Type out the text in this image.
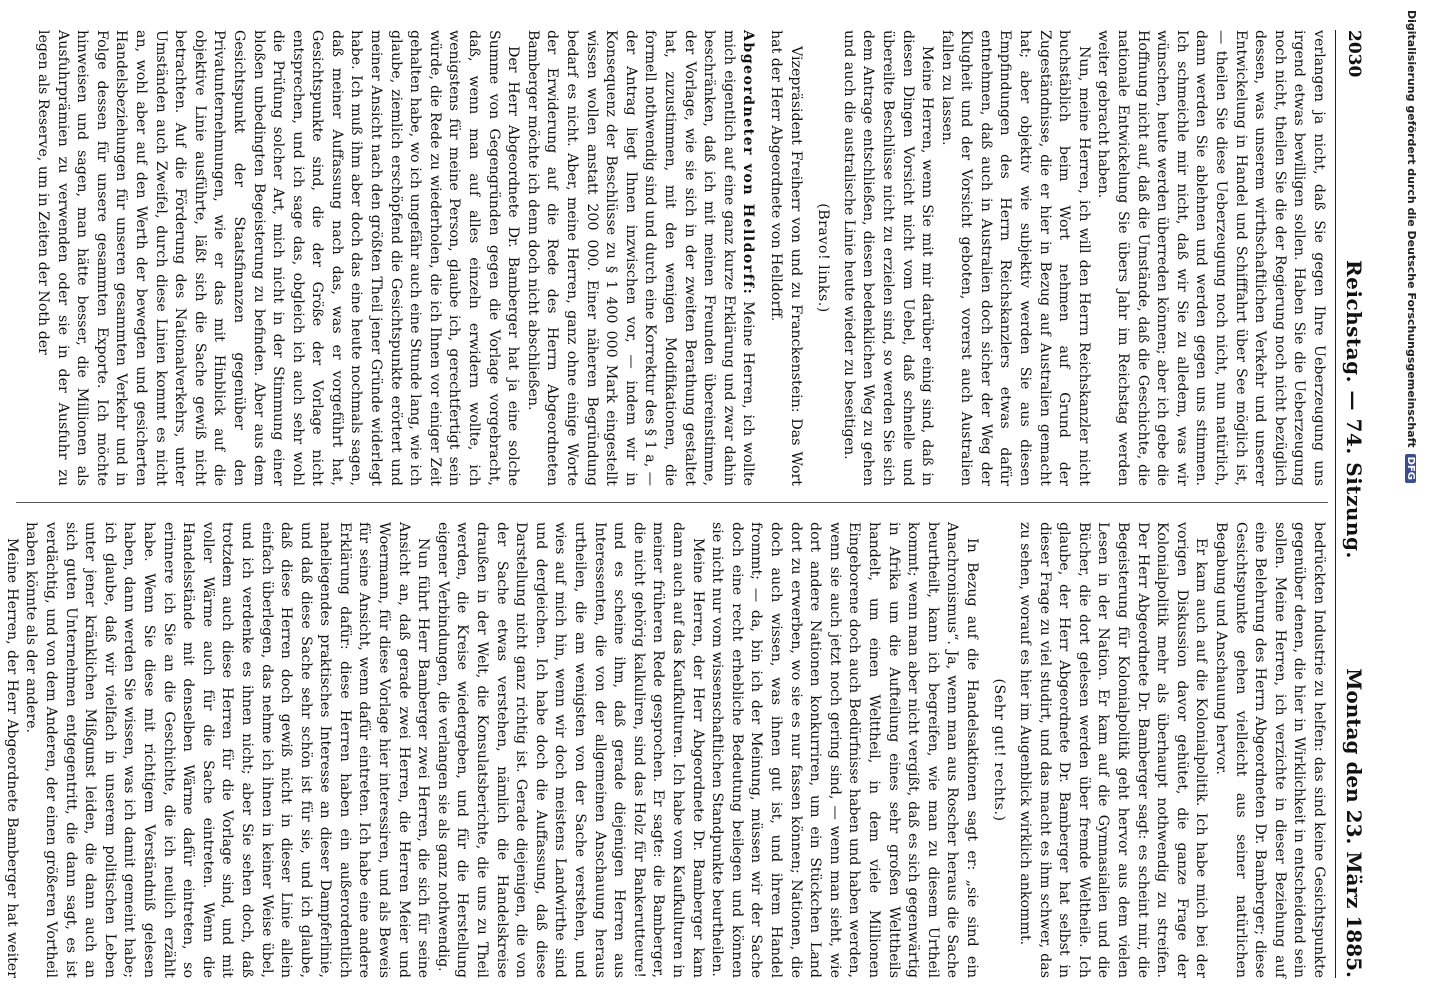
2030
Reichstag. — 74. Sitzung.
Montag den 23. März 1885.

verlangen ja nicht, daß Sie gegen Ihre Ueberzeugung uns irgend etwas bewilligen sollen. Haben Sie die Ueberzeugung noch nicht, theilen Sie die der Regierung noch nicht bezüglich dessen, was unserem wirthschaftlichen Verkehr und unserer Entwickelung in Handel und Schifffahrt über See möglich ist, — theilen Sie diese Ueberzeugung noch nicht, nun natürlich, dann werden Sie ablehnen und werden gegen uns stimmen. Ich schmeichle mir nicht, daß wir Sie zu alledem, was wir wünschen, heute werden überreden können; aber ich gebe die Hoffnung nicht auf, daß die Umstände, daß die Geschichte, die nationale Entwickelung Sie übers Jahr im Reichstag werden weiter gebracht haben.

Nun, meine Herren, ich will den Herrn Reichskanzler nicht buchstäblich beim Wort nehmen auf Grund der Zugeständnisse, die er hier in Bezug auf Australien gemacht hat; aber objektiv wie subjektiv werden Sie aus diesen Empfindungen des Herrn Reichskanzlers etwas dafür entnehmen, daß auch in Australien doch sicher der Weg der Klugheit und der Vorsicht geboten, vorerst auch Australien fallen zu lassen.

Meine Herren, wenn Sie mit mir darüber einig sind, daß in diesen Dingen Vorsicht nicht vom Uebel, daß schnelle und übereilte Beschlüsse nicht zu erzielen sind, so werden Sie sich dem Antrage entschließen, diesen bedenklichen Weg zu gehen und auch die australische Linie heute wieder zu beseitigen.

(Bravo! links.)

Vizepräsident Freiherr von und zu Franckenstein: Das Wort hat der Herr Abgeordnete von Helldorff.

Abgeordneter von Helldorff: Meine Herren, ich wollte mich eigentlich auf eine ganz kurze Erklärung und zwar dahin beschränken, daß ich mit meinen Freunden übereinstimme, der Vorlage, wie sie sich in der zweiten Berathung gestaltet hat, zuzustimmen, mit den wenigen Modifikationen, die formell nothwendig sind und durch eine Korrektur des § 1 a, — der Antrag liegt Ihnen inzwischen vor, — indem wir in Konsequenz der Beschlüsse zu § 1 400 000 Mark eingestellt wissen wollen anstatt 200 000. Einer näheren Begründung bedarf es nicht. Aber, meine Herren, ganz ohne einige Worte der Erwiderung auf die Rede des Herrn Abgeordneten Bamberger möchte ich denn doch nicht abschließen.

Der Herr Abgeordnete Dr. Bamberger hat ja eine solche Summe von Gegengründen gegen die Vorlage vorgebracht, daß, wenn man auf alles einzeln erwidern wollte, ich wenigstens für meine Person, glaube ich, gerechtfertigt sein würde, die Rede zu wiederholen, die ich Ihnen vor einiger Zeit gehalten habe, wo ich ungefähr auch eine Stunde lang, wie ich glaube, ziemlich erschöpfend die Gesichtspunkte erörtert und meiner Ansicht nach den größten Theil jener Gründe widerlegt habe. Ich muß ihm aber doch das eine heute nochmals sagen, daß meiner Auffassung nach das, was er vorgeführt hat, Gesichtspunkte sind, die der Größe der Vorlage nicht entsprechen, und ich sage das, obgleich ich auch sehr wohl die Prüfung solcher Art, mich nicht in der Stimmung einer bloßen unbedingten Begeisterung zu befinden. Aber aus dem Gesichtspunkt der Staatsfinanzen gegenüber den Privatunternehmungen, wie er das mit Hinblick auf die objektive Linie ausführte, läßt sich die Sache gewiß nicht betrachten. Auf die Förderung des Nationalverkehrs, unter Umständen auch Zweifel, durch diese Linien kommt es nicht an, wohl aber auf den Werth der bewegten und gesicherten Handelsbeziehungen für unseren gesammten Verkehr und in Folge dessen für unsere gesammten Exporte. Ich möchte hinweisen und sagen, man hätte besser, die Millionen als Ausfuhrprämien zu verwenden oder sie in der Ausfuhr zu legen als Reserve, um in Zeiten der Noth der

bedrückten Industrie zu helfen: das sind keine Gesichtspunkte gegenüber denen, die hier in Wirklichkeit in entscheidend sein sollen. Meine Herren, ich verzichte in dieser Beziehung auf eine Belehrung des Herrn Abgeordneten Dr. Bamberger; diese Gesichtspunkte gehen vielleicht aus seiner natürlichen Begabung und Anschauung hervor.

Er kam auch auf die Kolonialpolitik. Ich habe mich bei der vorigen Diskussion davor gehütet, die ganze Frage der Kolonialpolitik mehr als überhaupt nothwendig zu streifen. Der Herr Abgeordnete Dr. Bamberger sagt: es scheint mir, die Begeisterung für Kolonialpolitik geht hervor aus dem vielen Lesen in der Nation. Er kam auf die Gymnasialien und die Bücher, die dort gelesen werden über fremde Weltheile. Ich glaube, der Herr Abgeordnete Dr. Bamberger hat selbst in dieser Frage zu viel studirt, und das macht es ihm schwer, das zu sehen, worauf es hier im Augenblick wirklich ankommt.

(Sehr gut! rechts.)

In Bezug auf die Handelsaktionen sagt er: „sie sind ein Anachronismus“. Ja, wenn man aus Roscher heraus die Sache beurtheilt, kann ich begreifen, wie man zu diesem Urtheil kommt; wenn man aber nicht vergißt, daß es sich gegenwärtig in Afrika um die Aufteilung eines sehr großen Welttheils handelt, um einen Welttheil, in dem viele Millionen Eingeborene doch auch Bedürfnisse haben und haben werden, wenn sie auch jetzt noch gering sind, — wenn man sieht, wie dort andere Nationen konkurriren, um ein Stückchen Land dort zu erwerben, wo sie es nur fassen können; Nationen, die doch auch wissen, was ihnen gut ist, und ihrem Handel frommt; — da, bin ich der Meinung, müssen wir der Sache doch eine recht erhebliche Bedeutung beilegen und können sie nicht nur vom wissenschaftlichen Standpunkte beurtheilen.

Meine Herren, der Herr Abgeordnete Dr. Bamberger kam dann auch auf das Kaufkulturen. Ich habe vom Kaufkulturen in meiner früheren Rede gesprochen. Er sagte: die Bamberger, die nicht gehörig kalkuliren, sind das Holz für Bankerutteure! und es scheine ihm, daß gerade diejenigen Herren aus Interessenten, die von der allgemeinen Anschauung heraus urtheilen, die am wenigsten von der Sache verstehen, und wies auf mich hin, wenn wir doch meistens Landwirthe sind und dergleichen. Ich habe doch die Auffassung, daß diese Darstellung nicht ganz richtig ist. Gerade diejenigen, die von der Sache etwas verstehen, nämlich die Handelskreise draußen in der Welt, die Konsulatsberichte, die uns zu Theil werden, die Kreise wiedergeben, und für die Herstellung eigener Verbindungen, die verlangen sie als ganz nothwendig.

Nun führt Herr Bamberger zwei Herren, die sich für seine Ansicht an, daß gerade zwei Herren, die Herren Meier und Woermann, für diese Vorlage hier interessiren, und als Beweis für seine Ansicht, wenn dafür eintreten. Ich habe eine andere Erklärung dafür: diese Herren haben ein außerordentlich naheliegendes praktisches Interesse an dieser Dampferlinie, und daß diese Sache sehr schön ist für sie, und ich glaube, daß diese Herren doch gewiß nicht in dieser Linie allein einfach überlegen, das nehme ich ihnen in keiner Weise übel, und ich verdenke es ihnen nicht; aber Sie sehen doch, daß trotzdem auch diese Herren für die Vorlage sind, und mit voller Wärme auch für die Sache eintreten. Wenn die Handelsstände mit denselben Wärme dafür eintreten, so erinnere ich Sie an die Geschichte, die ich neulich erzählt habe. Wenn Sie diese mit richtigem Verständniß gelesen haben, dann werden Sie wissen, was ich damit gemeint habe; ich glaube, daß wir vielfach in unserem politischen Leben unter jener kränklichen Mißgunst leiden, die dann auch an sich guten Unternehmen entgegentritt, die dann sagt, es ist verdächtig, und von dem Anderen, der einen größeren Vortheil haben könnte als der andere.

Meine Herren, der Herr Abgeordnete Bamberger hat weiter

Digitalisierung gefördert durch die Deutsche ForschungsgemeinschaftDFG
